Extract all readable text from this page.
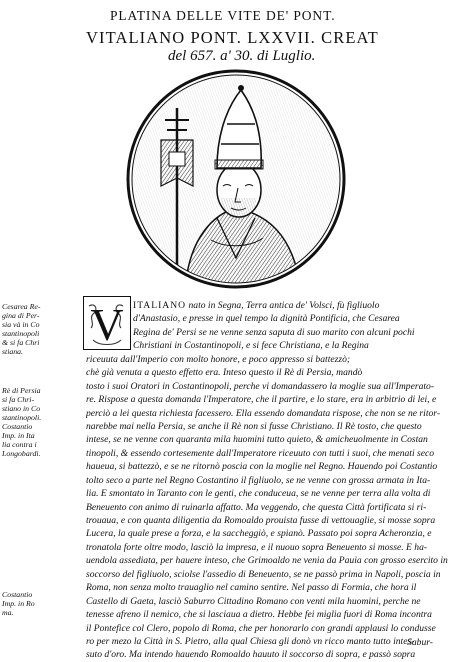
PLATINA DELLE VITE DE' PONT.
VITALIANO PONT. LXXVII. CREAT
del 657. a' 30. di Luglio.
Cesarea Re-
gina di Per-
sia và in Co
stantinopoli
& si fa Chri
stiana.
Rè di Persia
si fa Chri-
stiano in Co
stantinopoli.
Costantio
Imp. in Ita
lia contra i
Longobardi.
Costantio
Imp. in Ro
ma.
V ITALIANO nato in Segna, Terra antica de' Volsci, fù figliuolo
d'Anastasio, e presse in quel tempo la dignità Pontificia, che Cesarea
Regina de' Persi se ne venne senza saputa di suo marito con alcuni pochi
Christiani in Costantinopoli, e si fece Christiana, e la Regina
riceuuta dall'Imperio con molto honore, e poco appresso si battezzò;
chè già venuta a questo effetto era. Inteso questo il Rè di Persia, mandò
tosto i suoi Oratori in Costantinopoli, perche vi domandassero la moglie sua all'Imperato-
re. Rispose a questa domanda l'Imperatore, che il partire, e lo stare, era in arbitrio di lei, e
perciò a lei questa richiesta facessero. Ella essendo domandata rispose, che non se ne ritor-
narebbe mai nella Persia, se anche il Rè non si fusse Christiano. Il Rè tosto, che questo
intese, se ne venne con quaranta mila huomini tutto quieto, & amicheuolmente in Costan
tinopoli, & essendo cortesemente dall'Imperatore riceuuto con tutti i suoi, che menati seco
haueua, si battezzò, e se ne ritornò poscia con la moglie nel Regno. Hauendo poi Costantio
tolto seco a parte nel Regno Costantino il figliuolo, se ne venne con grossa armata in Ita-
lia. E smontato in Taranto con le genti, che conduceua, se ne venne per terra alla volta di
Beneuento con animo di ruinarla affatto. Ma veggendo, che questa Città fortificata si ri-
trouaua, e con quanta diligentia da Romoaldo prouista fusse di vettouaglie, si mosse sopra
Lucera, la quale prese a forza, e la saccheggiò, e spianò. Passato poi sopra Acheronzia, e
tronatola forte oltre modo, lasciò la impresa, e il nuouo sopra Beneuento si mosse. E ha-
uendola assediata, per hauere inteso, che Grimoaldo ne venia da Pauia con grosso esercito in
soccorso del figliuolo, sciolse l'assedio di Beneuento, se ne passò prima in Napoli, poscia in
Roma, non senza molto trauaglio nel camino sentire. Nel passo di Formia, che hora il
Castello di Gaeta, lasciò Saburro Cittadino Romano con venti mila huomini, perche ne
tenesse afreno il nemico, che si lasciaua a dietro. Hebbe fei miglia fuori di Roma incontra
il Pontefice col Clero, popolo di Roma, che per honorarlo con grandi applausi lo condusse
ro per mezo la Città in S. Pietro, alla qual Chiesa gli donò vn ricco manto tutto intes-
suto d'oro. Ma intendo hauendo Romoaldo hauuto il soccorso di sopra, e passò sopra
Sabur-
